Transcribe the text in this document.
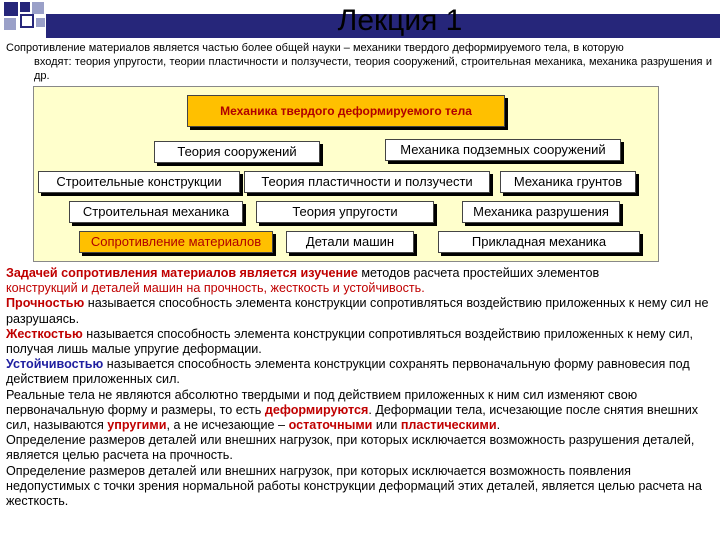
Лекция 1
Сопротивление материалов является частью более общей науки – механики твердого деформируемого тела, в которую
входят: теория упругости, теории пластичности и ползучести, теория сооружений, строительная механика, механика разрушения и др.
Механика твердого деформируемого тела
Теория сооружений	Механика подземных сооружений
Строительные конструкции	Теория пластичности и ползучести	Механика грунтов
Строительная механика	Теория упругости	Механика разрушения
Сопротивление материалов	Детали машин	Прикладная механика

Задачей сопротивления материалов является изучение методов расчета простейших элементов
конструкций и деталей машин на прочность, жесткость и устойчивость.

Прочностью называется способность элемента конструкции сопротивляться воздействию приложенных к нему сил не разрушаясь.

Жесткостью называется способность элемента конструкции сопротивляться воздействию приложенных к нему сил, получая лишь малые упругие деформации.

Устойчивостью называется способность элемента конструкции сохранять первоначальную форму равновесия под действием приложенных сил.

Реальные тела не являются абсолютно твердыми и под действием приложенных к ним сил изменяют свою первоначальную форму и размеры, то есть деформируются. Деформации тела, исчезающие после снятия внешних сил, называются упругими, а не исчезающие – остаточными или пластическими.

Определение размеров деталей или внешних нагрузок, при которых исключается возможность разрушения деталей, является целью расчета на прочность.

Определение размеров деталей или внешних нагрузок, при которых исключается возможность появления недопустимых с точки зрения нормальной работы конструкции деформаций этих деталей, является целью расчета на жесткость.
